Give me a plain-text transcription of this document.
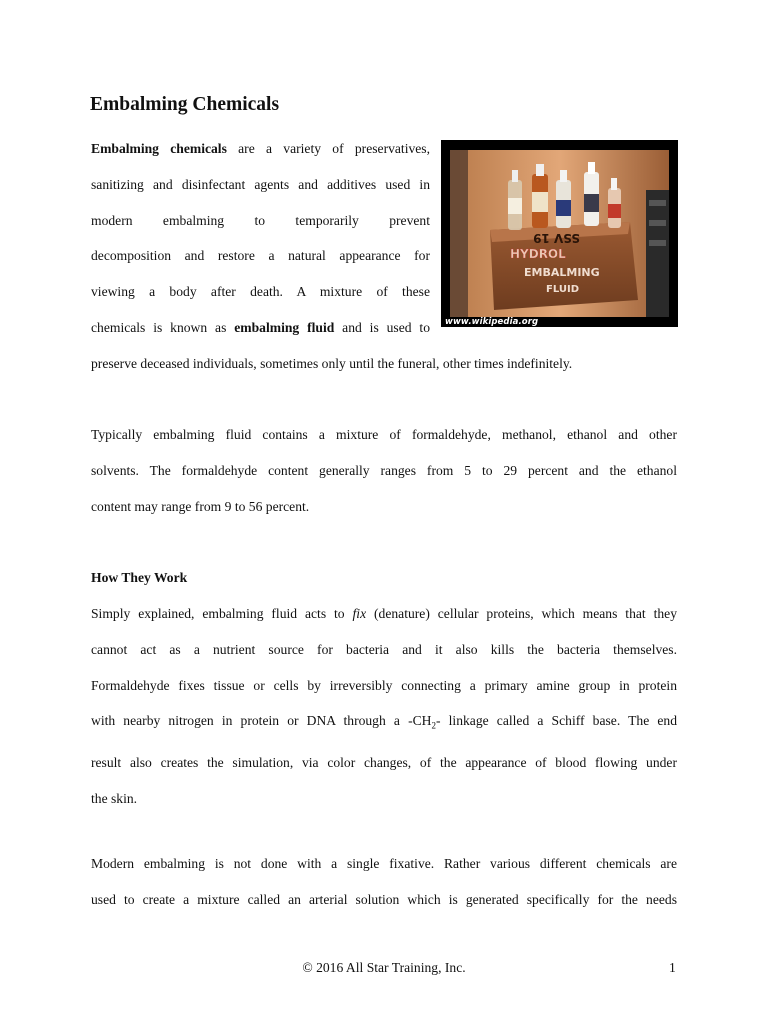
Embalming Chemicals
SSV 19
HYDROL
EMBALMING
FLUID
www.wikipedia.org
Embalming chemicals are a variety of preservatives,
sanitizing and disinfectant agents and additives used in
modern embalming to temporarily prevent
decomposition and restore a natural appearance for
viewing a body after death. A mixture of these
chemicals is known as embalming fluid and is used to

preserve deceased individuals, sometimes only until the funeral, other times indefinitely.

Typically embalming fluid contains a mixture of formaldehyde, methanol, ethanol and other
solvents. The formaldehyde content generally ranges from 5 to 29 percent and the ethanol
content may range from 9 to 56 percent.
How They Work
Simply explained, embalming fluid acts to fix (denature) cellular proteins, which means that they
cannot act as a nutrient source for bacteria and it also kills the bacteria themselves.
Formaldehyde fixes tissue or cells by irreversibly connecting a primary amine group in protein
with nearby nitrogen in protein or DNA through a $-CH_2-$ linkage called a Schiff base. The end
result also creates the simulation, via color changes, of the appearance of blood flowing under
the skin.
Modern embalming is not done with a single fixative. Rather various different chemicals are
used to create a mixture called an arterial solution which is generated specifically for the needs
© 2016 All Star Training, Inc.	1
